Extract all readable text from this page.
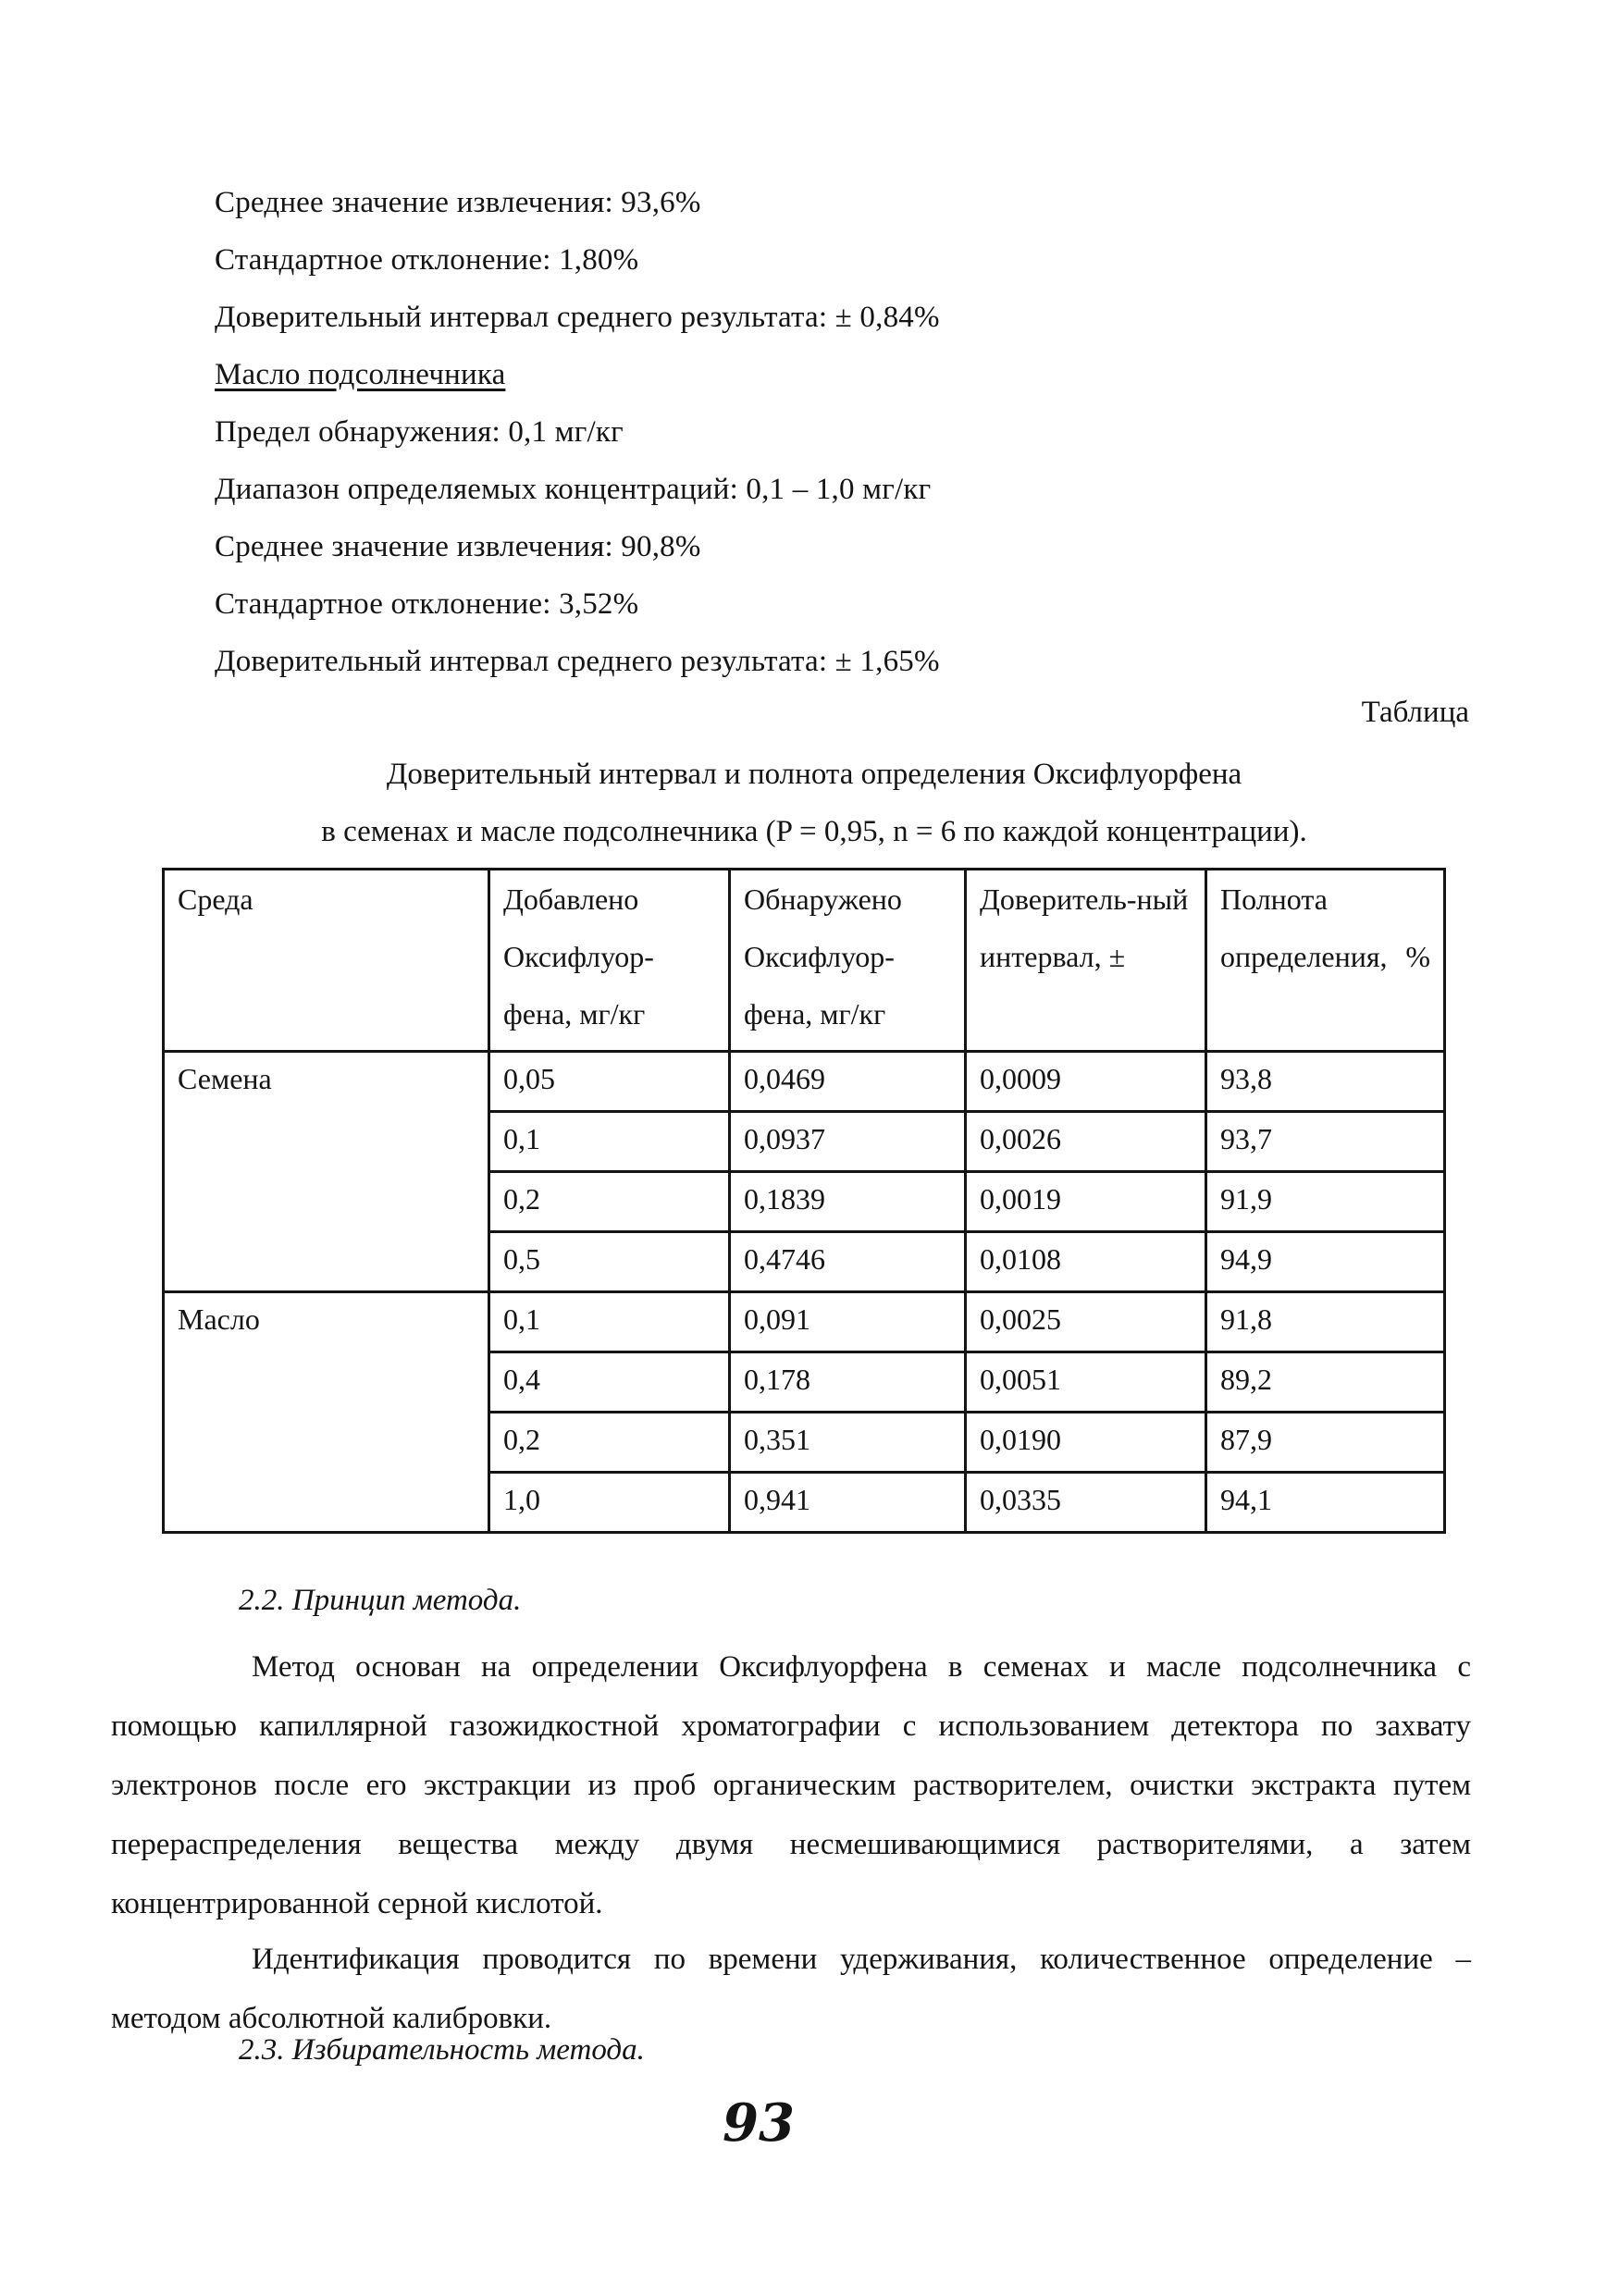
Среднее значение извлечения: 93,6%
Стандартное отклонение: 1,80%
Доверительный интервал среднего результата: ± 0,84%
Масло подсолнечника
Предел обнаружения: 0,1 мг/кг
Диапазон определяемых концентраций: 0,1 – 1,0 мг/кг
Среднее значение извлечения: 90,8%
Стандартное отклонение: 3,52%
Доверительный интервал среднего результата: ± 1,65%
Таблица
Доверительный интервал и полнота определения Оксифлуорфена
в семенах и масле подсолнечника (P = 0,95, n = 6 по каждой концентрации).
Среда	Добавлено Оксифлуор-фена, мг/кг	Обнаружено Оксифлуор-фена, мг/кг	Доверитель-ный интервал, ±	Полнота определения, %
Семена	0,05	0,0469	0,0009	93,8
	0,1	0,0937	0,0026	93,7
	0,2	0,1839	0,0019	91,9
	0,5	0,4746	0,0108	94,9
Масло	0,1	0,091	0,0025	91,8
	0,4	0,178	0,0051	89,2
	0,2	0,351	0,0190	87,9
	1,0	0,941	0,0335	94,1
2.2. Принцип метода.

Метод основан на определении Оксифлуорфена в семенах и масле подсолнечника с помощью капиллярной газожидкостной хроматографии с использованием детектора по захвату электронов после его экстракции из проб органическим растворителем, очистки экстракта путем перераспределения вещества между двумя несмешивающимися растворителями, а затем концентрированной серной кислотой.

Идентификация проводится по времени удерживания, количественное определение – методом абсолютной калибровки.

2.3. Избирательность метода.
93
